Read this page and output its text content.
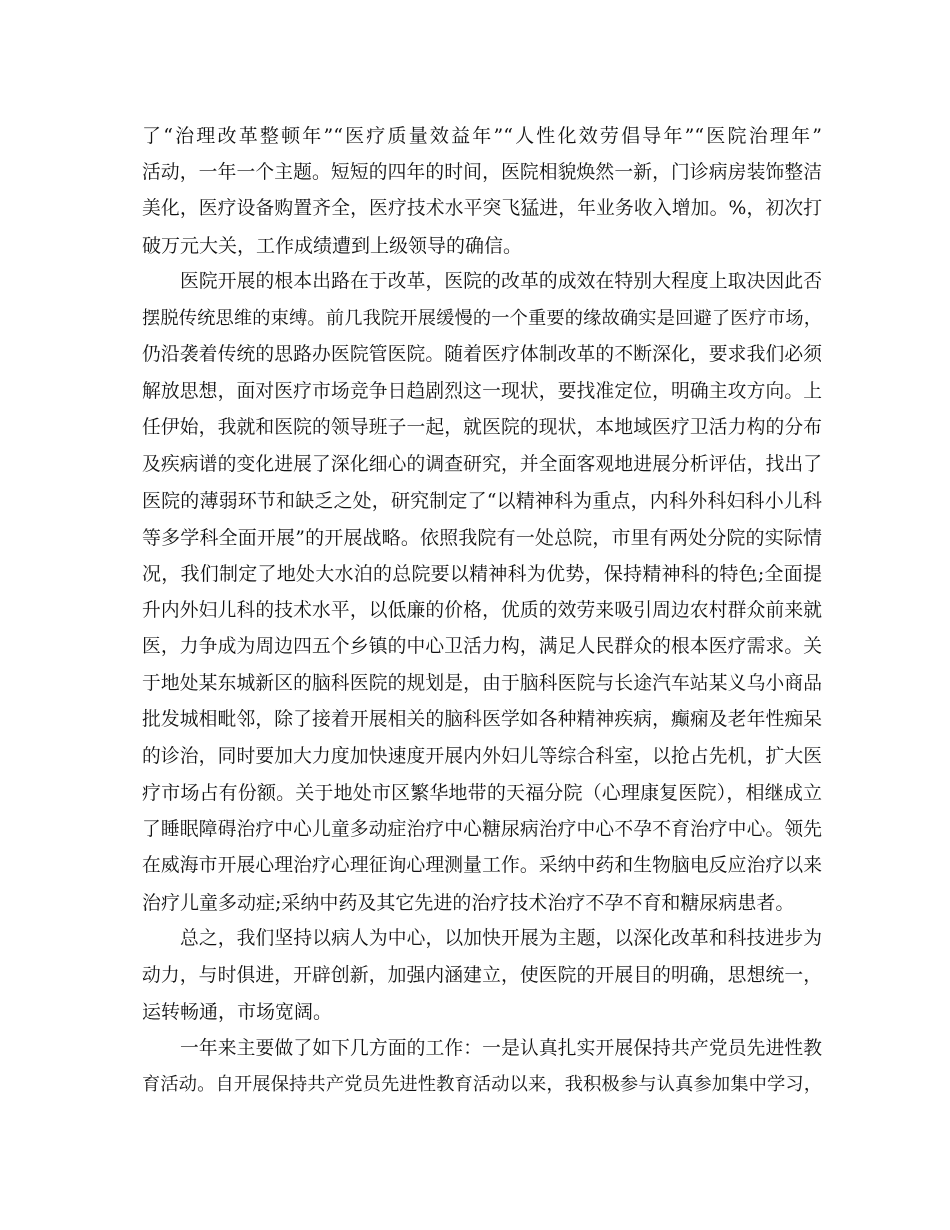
了“治理改革整顿年”“医疗质量效益年”“人性化效劳倡导年”“医院治理年”
活动，一年一个主题。短短的四年的时间，医院相貌焕然一新，门诊病房装饰整洁
美化，医疗设备购置齐全，医疗技术水平突飞猛进，年业务收入增加。%，初次打
破万元大关，工作成绩遭到上级领导的确信。
医院开展的根本出路在于改革，医院的改革的成效在特别大程度上取决因此否
摆脱传统思维的束缚。前几我院开展缓慢的一个重要的缘故确实是回避了医疗市场，
仍沿袭着传统的思路办医院管医院。随着医疗体制改革的不断深化，要求我们必须
解放思想，面对医疗市场竞争日趋剧烈这一现状，要找准定位，明确主攻方向。上
任伊始，我就和医院的领导班子一起，就医院的现状，本地域医疗卫活力构的分布
及疾病谱的变化进展了深化细心的调查研究，并全面客观地进展分析评估，找出了
医院的薄弱环节和缺乏之处，研究制定了“以精神科为重点，内科外科妇科小儿科
等多学科全面开展”的开展战略。依照我院有一处总院，市里有两处分院的实际情
况，我们制定了地处大水泊的总院要以精神科为优势，保持精神科的特色;全面提
升内外妇儿科的技术水平，以低廉的价格，优质的效劳来吸引周边农村群众前来就
医，力争成为周边四五个乡镇的中心卫活力构，满足人民群众的根本医疗需求。关
于地处某东城新区的脑科医院的规划是，由于脑科医院与长途汽车站某义乌小商品
批发城相毗邻，除了接着开展相关的脑科医学如各种精神疾病，癫痫及老年性痴呆
的诊治，同时要加大力度加快速度开展内外妇儿等综合科室，以抢占先机，扩大医
疗市场占有份额。关于地处市区繁华地带的天福分院（心理康复医院），相继成立
了睡眠障碍治疗中心儿童多动症治疗中心糖尿病治疗中心不孕不育治疗中心。领先
在威海市开展心理治疗心理征询心理测量工作。采纳中药和生物脑电反应治疗以来
治疗儿童多动症;采纳中药及其它先进的治疗技术治疗不孕不育和糖尿病患者。
总之，我们坚持以病人为中心，以加快开展为主题，以深化改革和科技进步为
动力，与时俱进，开辟创新，加强内涵建立，使医院的开展目的明确，思想统一，
运转畅通，市场宽阔。
一年来主要做了如下几方面的工作：一是认真扎实开展保持共产党员先进性教
育活动。自开展保持共产党员先进性教育活动以来，我积极参与认真参加集中学习，
